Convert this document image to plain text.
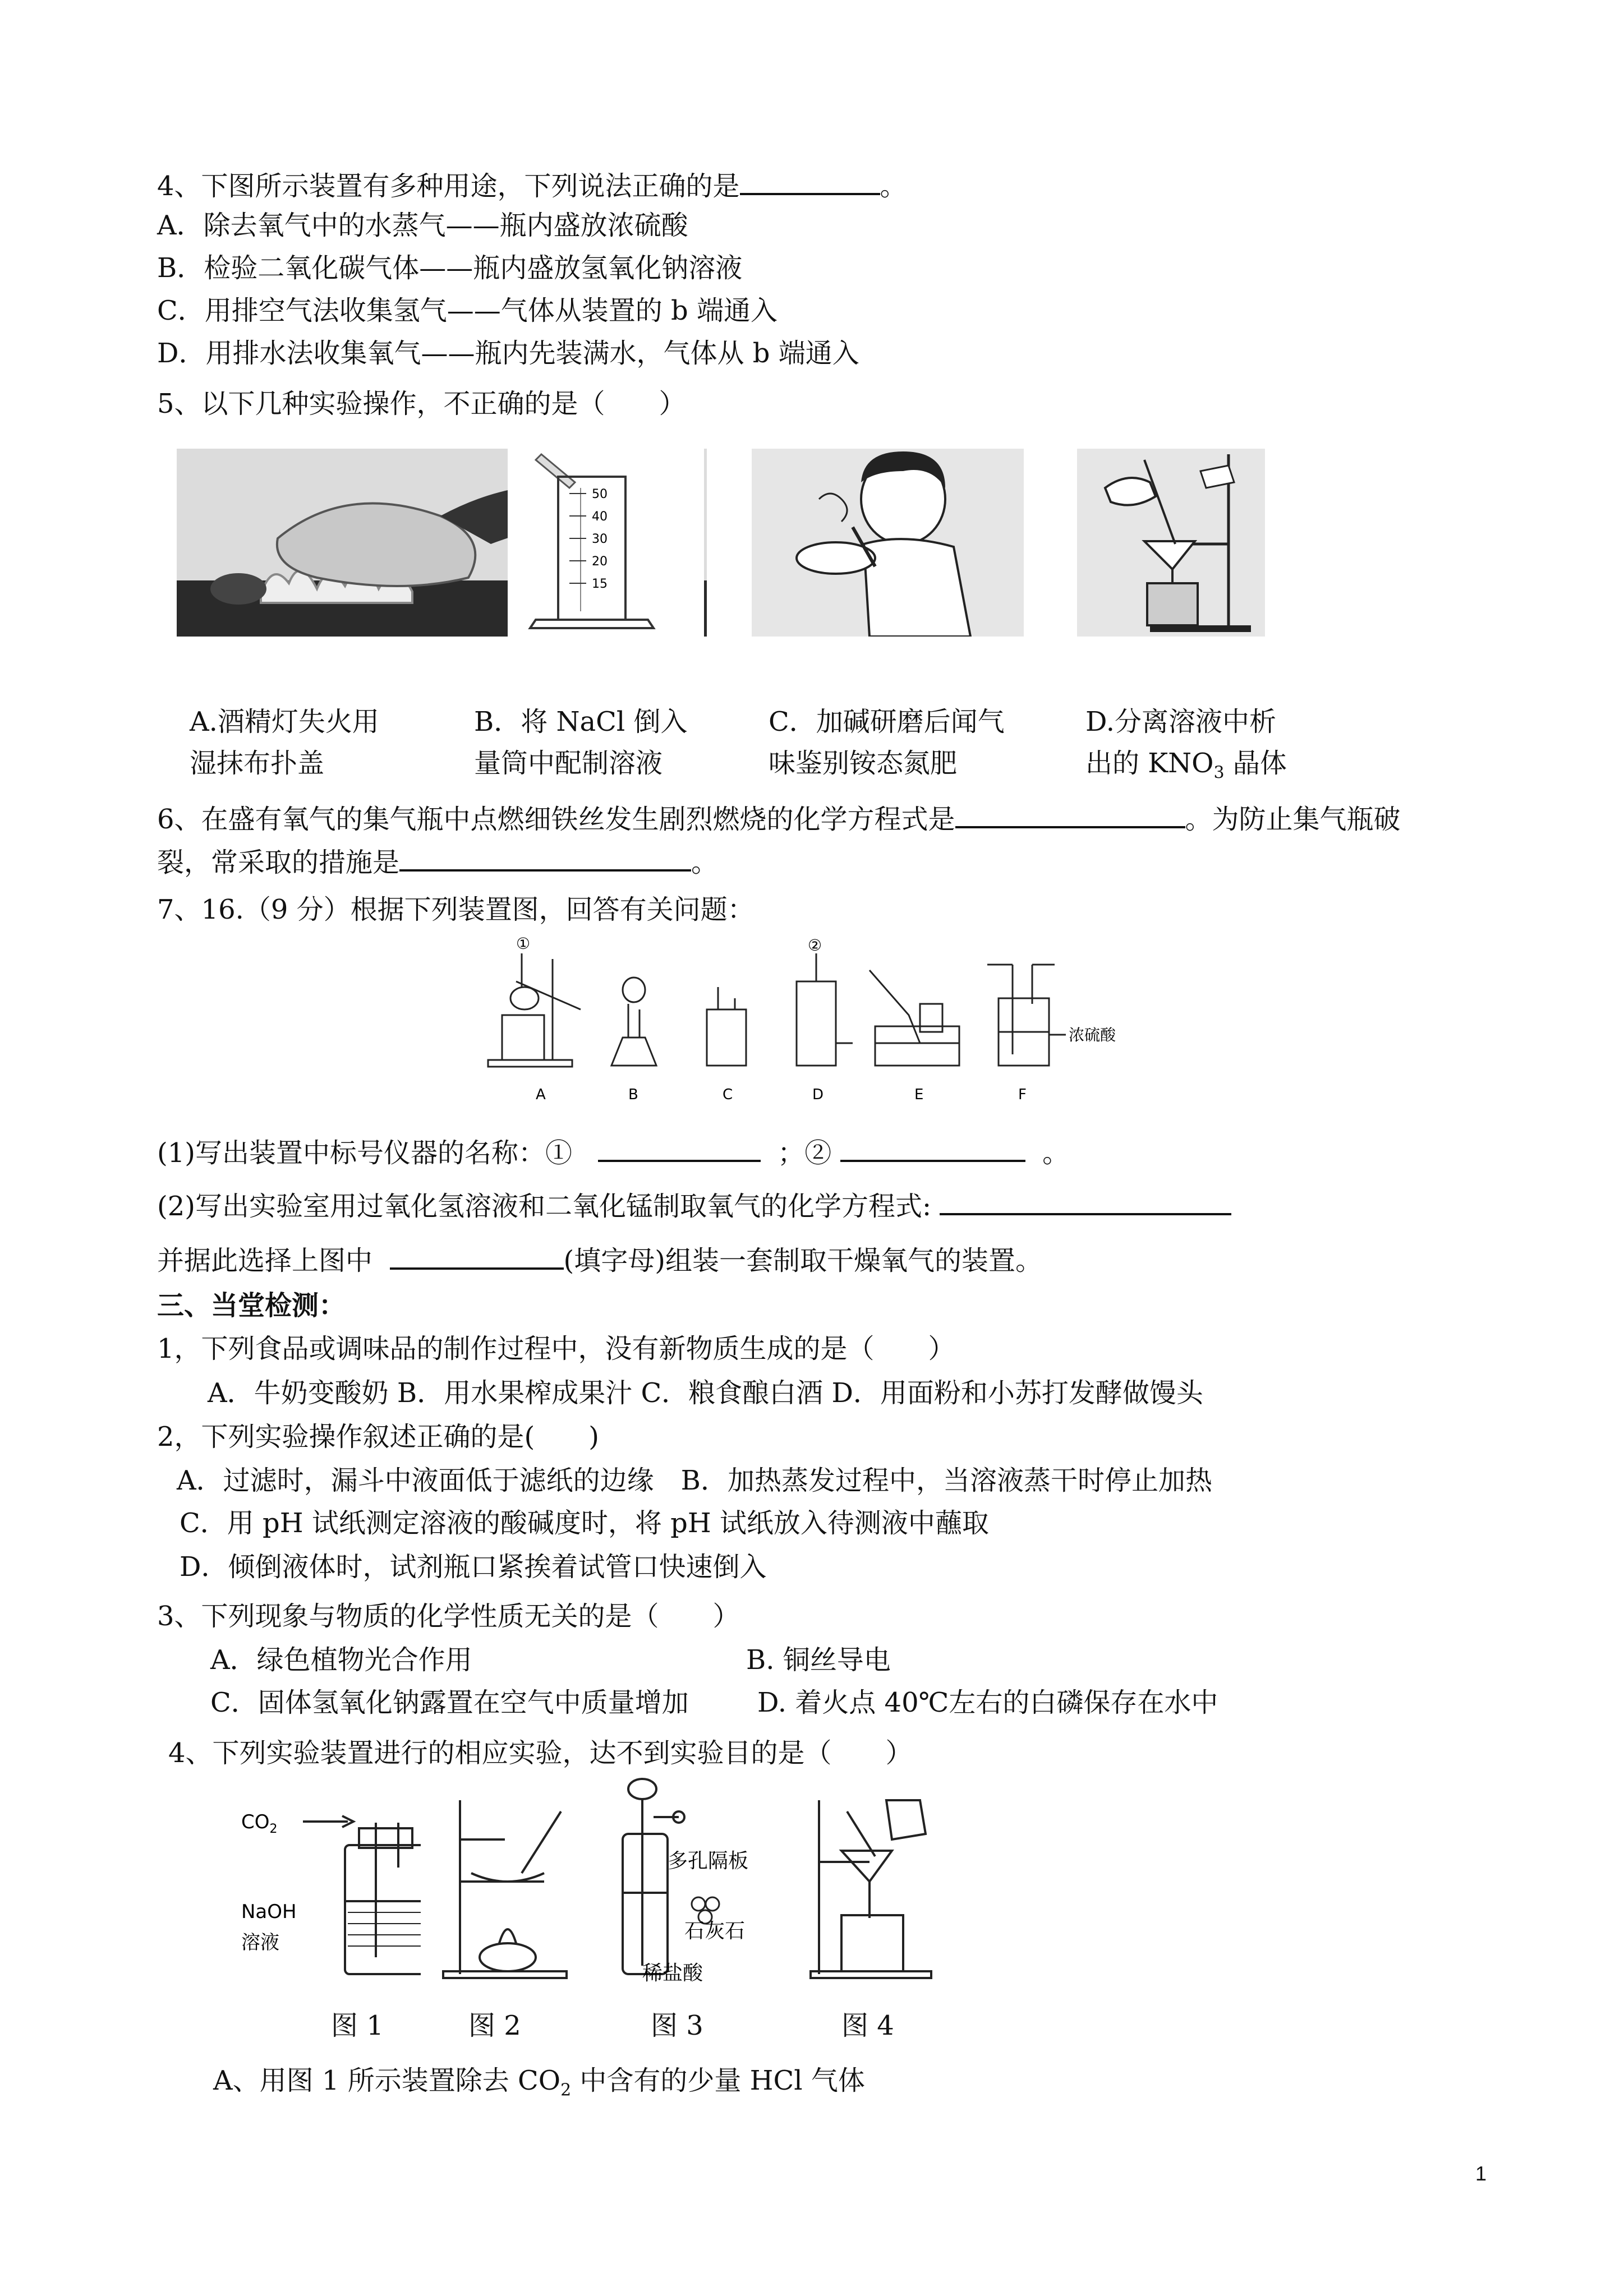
4、下图所示装置有多种用途，下列说法正确的是	。
A．除去氧气中的水蒸气——瓶内盛放浓硫酸
B．检验二氧化碳气体——瓶内盛放氢氧化钠溶液
C．用排空气法收集氢气——气体从装置的 b 端通入
D．用排水法收集氧气——瓶内先装满水，气体从 b 端通入
5、以下几种实验操作，不正确的是（　　）
50
40
30
20
15
A.酒精灯失火用
湿抹布扑盖
B．将 NaCl 倒入
量筒中配制溶液
C．加碱研磨后闻气
味鉴别铵态氮肥
D.分离溶液中析
出的 $KNO_3$ 晶体
6、在盛有氧气的集气瓶中点燃细铁丝发生剧烈燃烧的化学方程式是	。为防止集气瓶破
裂，常采取的措施是	。
7、16.（9 分）根据下列装置图，回答有关问题：
①	②
浓硫酸
A	B	C	D	E	F
(1)写出装置中标号仪器的名称：①	；②	。
(2)写出实验室用过氧化氢溶液和二氧化锰制取氧气的化学方程式:
并据此选择上图中	(填字母)组装一套制取干燥氧气的装置。
三、当堂检测：
1，下列食品或调味品的制作过程中，没有新物质生成的是（　　）
A．牛奶变酸奶 B．用水果榨成果汁 C．粮食酿白酒 D．用面粉和小苏打发酵做馒头
2，下列实验操作叙述正确的是(　　)
A．过滤时，漏斗中液面低于滤纸的边缘　B．加热蒸发过程中，当溶液蒸干时停止加热
C．用 pH 试纸测定溶液的酸碱度时，将 pH 试纸放入待测液中蘸取
D．倾倒液体时，试剂瓶口紧挨着试管口快速倒入
3、下列现象与物质的化学性质无关的是（　　）
A．绿色植物光合作用	B. 铜丝导电
C．固体氢氧化钠露置在空气中质量增加	D. 着火点 40℃左右的白磷保存在水中
4、下列实验装置进行的相应实验，达不到实验目的是（　　）
$CO_2$
NaOH
溶液
多孔隔板
石灰石
稀盐酸
图 1	图 2	图 3	图 4
A、用图 1 所示装置除去 $CO_2$ 中含有的少量 HCl 气体
1
